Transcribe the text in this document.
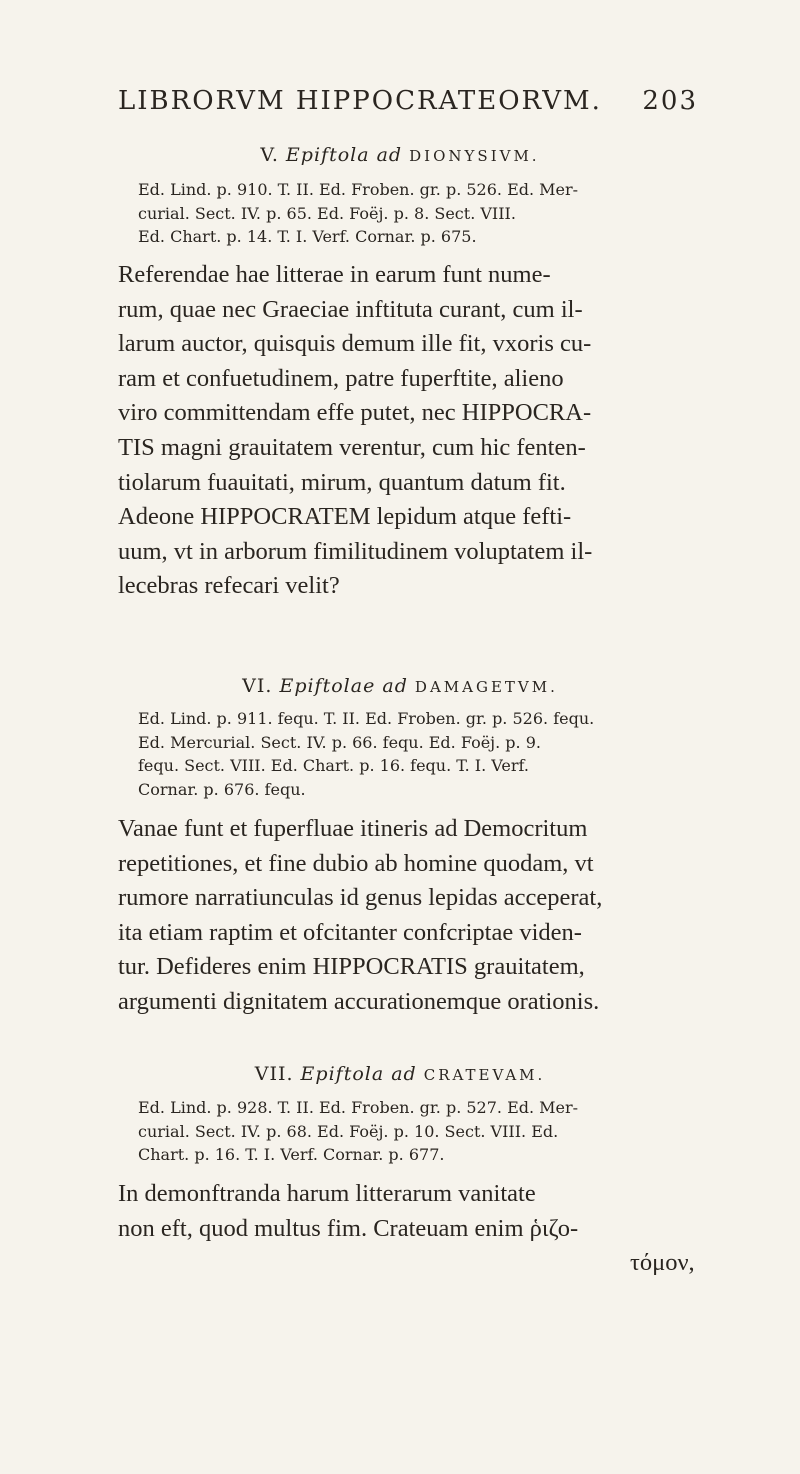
LIBRORVM HIPPOCRATEORVM. 203
V. Epiftola ad DIONYSIVM.
Ed. Lind. p. 910. T. II. Ed. Froben. gr. p. 526. Ed. Mer-
curial. Sect. IV. p. 65. Ed. Foëj. p. 8. Sect. VIII.
Ed. Chart. p. 14. T. I. Verf. Cornar. p. 675.
Referendae hae litterae in earum funt nume-
rum, quae nec Graeciae inftituta curant, cum il-
larum auctor, quisquis demum ille fit, vxoris cu-
ram et confuetudinem, patre fuperftite, alieno
viro committendam effe putet, nec HIPPOCRA-
TIS magni grauitatem verentur, cum hic fenten-
tiolarum fuauitati, mirum, quantum datum fit.
Adeone HIPPOCRATEM lepidum atque fefti-
uum, vt in arborum fimilitudinem voluptatem il-
lecebras refecari velit?
VI. Epiftolae ad DAMAGETVM.
Ed. Lind. p. 911. fequ. T. II. Ed. Froben. gr. p. 526. fequ.
Ed. Mercurial. Sect. IV. p. 66. fequ. Ed. Foëj. p. 9.
fequ. Sect. VIII. Ed. Chart. p. 16. fequ. T. I. Verf.
Cornar. p. 676. fequ.
Vanae funt et fuperfluae itineris ad Democritum
repetitiones, et fine dubio ab homine quodam, vt
rumore narratiunculas id genus lepidas acceperat,
ita etiam raptim et ofcitanter confcriptae viden-
tur. Defideres enim HIPPOCRATIS grauitatem,
argumenti dignitatem accurationemque orationis.
VII. Epiftola ad CRATEVAM.
Ed. Lind. p. 928. T. II. Ed. Froben. gr. p. 527. Ed. Mer-
curial. Sect. IV. p. 68. Ed. Foëj. p. 10. Sect. VIII. Ed.
Chart. p. 16. T. I. Verf. Cornar. p. 677.
In demonftranda harum litterarum vanitate
non eft, quod multus fim. Crateuam enim ῥιζο-
τόμον,
